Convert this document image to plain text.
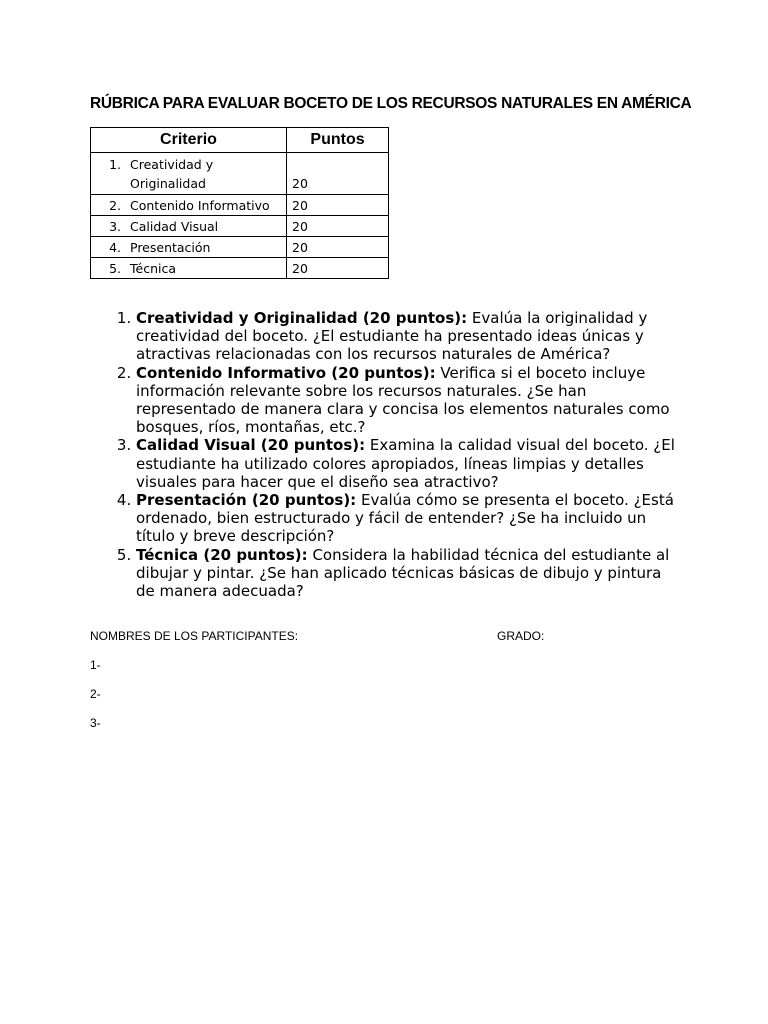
RÚBRICA PARA EVALUAR BOCETO DE LOS RECURSOS NATURALES EN AMÉRICA
Criterio	Puntos

1. Creatividad y
Originalidad	20

2. Contenido Informativo	20

3. Calidad Visual	20

4. Presentación	20

5. Técnica	20
1. Creatividad y Originalidad (20 puntos): Evalúa la originalidad y creatividad del boceto. ¿El estudiante ha presentado ideas únicas y atractivas relacionadas con los recursos naturales de América?
2. Contenido Informativo (20 puntos): Verifica si el boceto incluye información relevante sobre los recursos naturales. ¿Se han representado de manera clara y concisa los elementos naturales como bosques, ríos, montañas, etc.?
3. Calidad Visual (20 puntos): Examina la calidad visual del boceto. ¿El estudiante ha utilizado colores apropiados, líneas limpias y detalles visuales para hacer que el diseño sea atractivo?
4. Presentación (20 puntos): Evalúa cómo se presenta el boceto. ¿Está ordenado, bien estructurado y fácil de entender? ¿Se ha incluido un título y breve descripción?
5. Técnica (20 puntos): Considera la habilidad técnica del estudiante al dibujar y pintar. ¿Se han aplicado técnicas básicas de dibujo y pintura de manera adecuada?
NOMBRES DE LOS PARTICIPANTES:	GRADO:
1-
2-
3-
